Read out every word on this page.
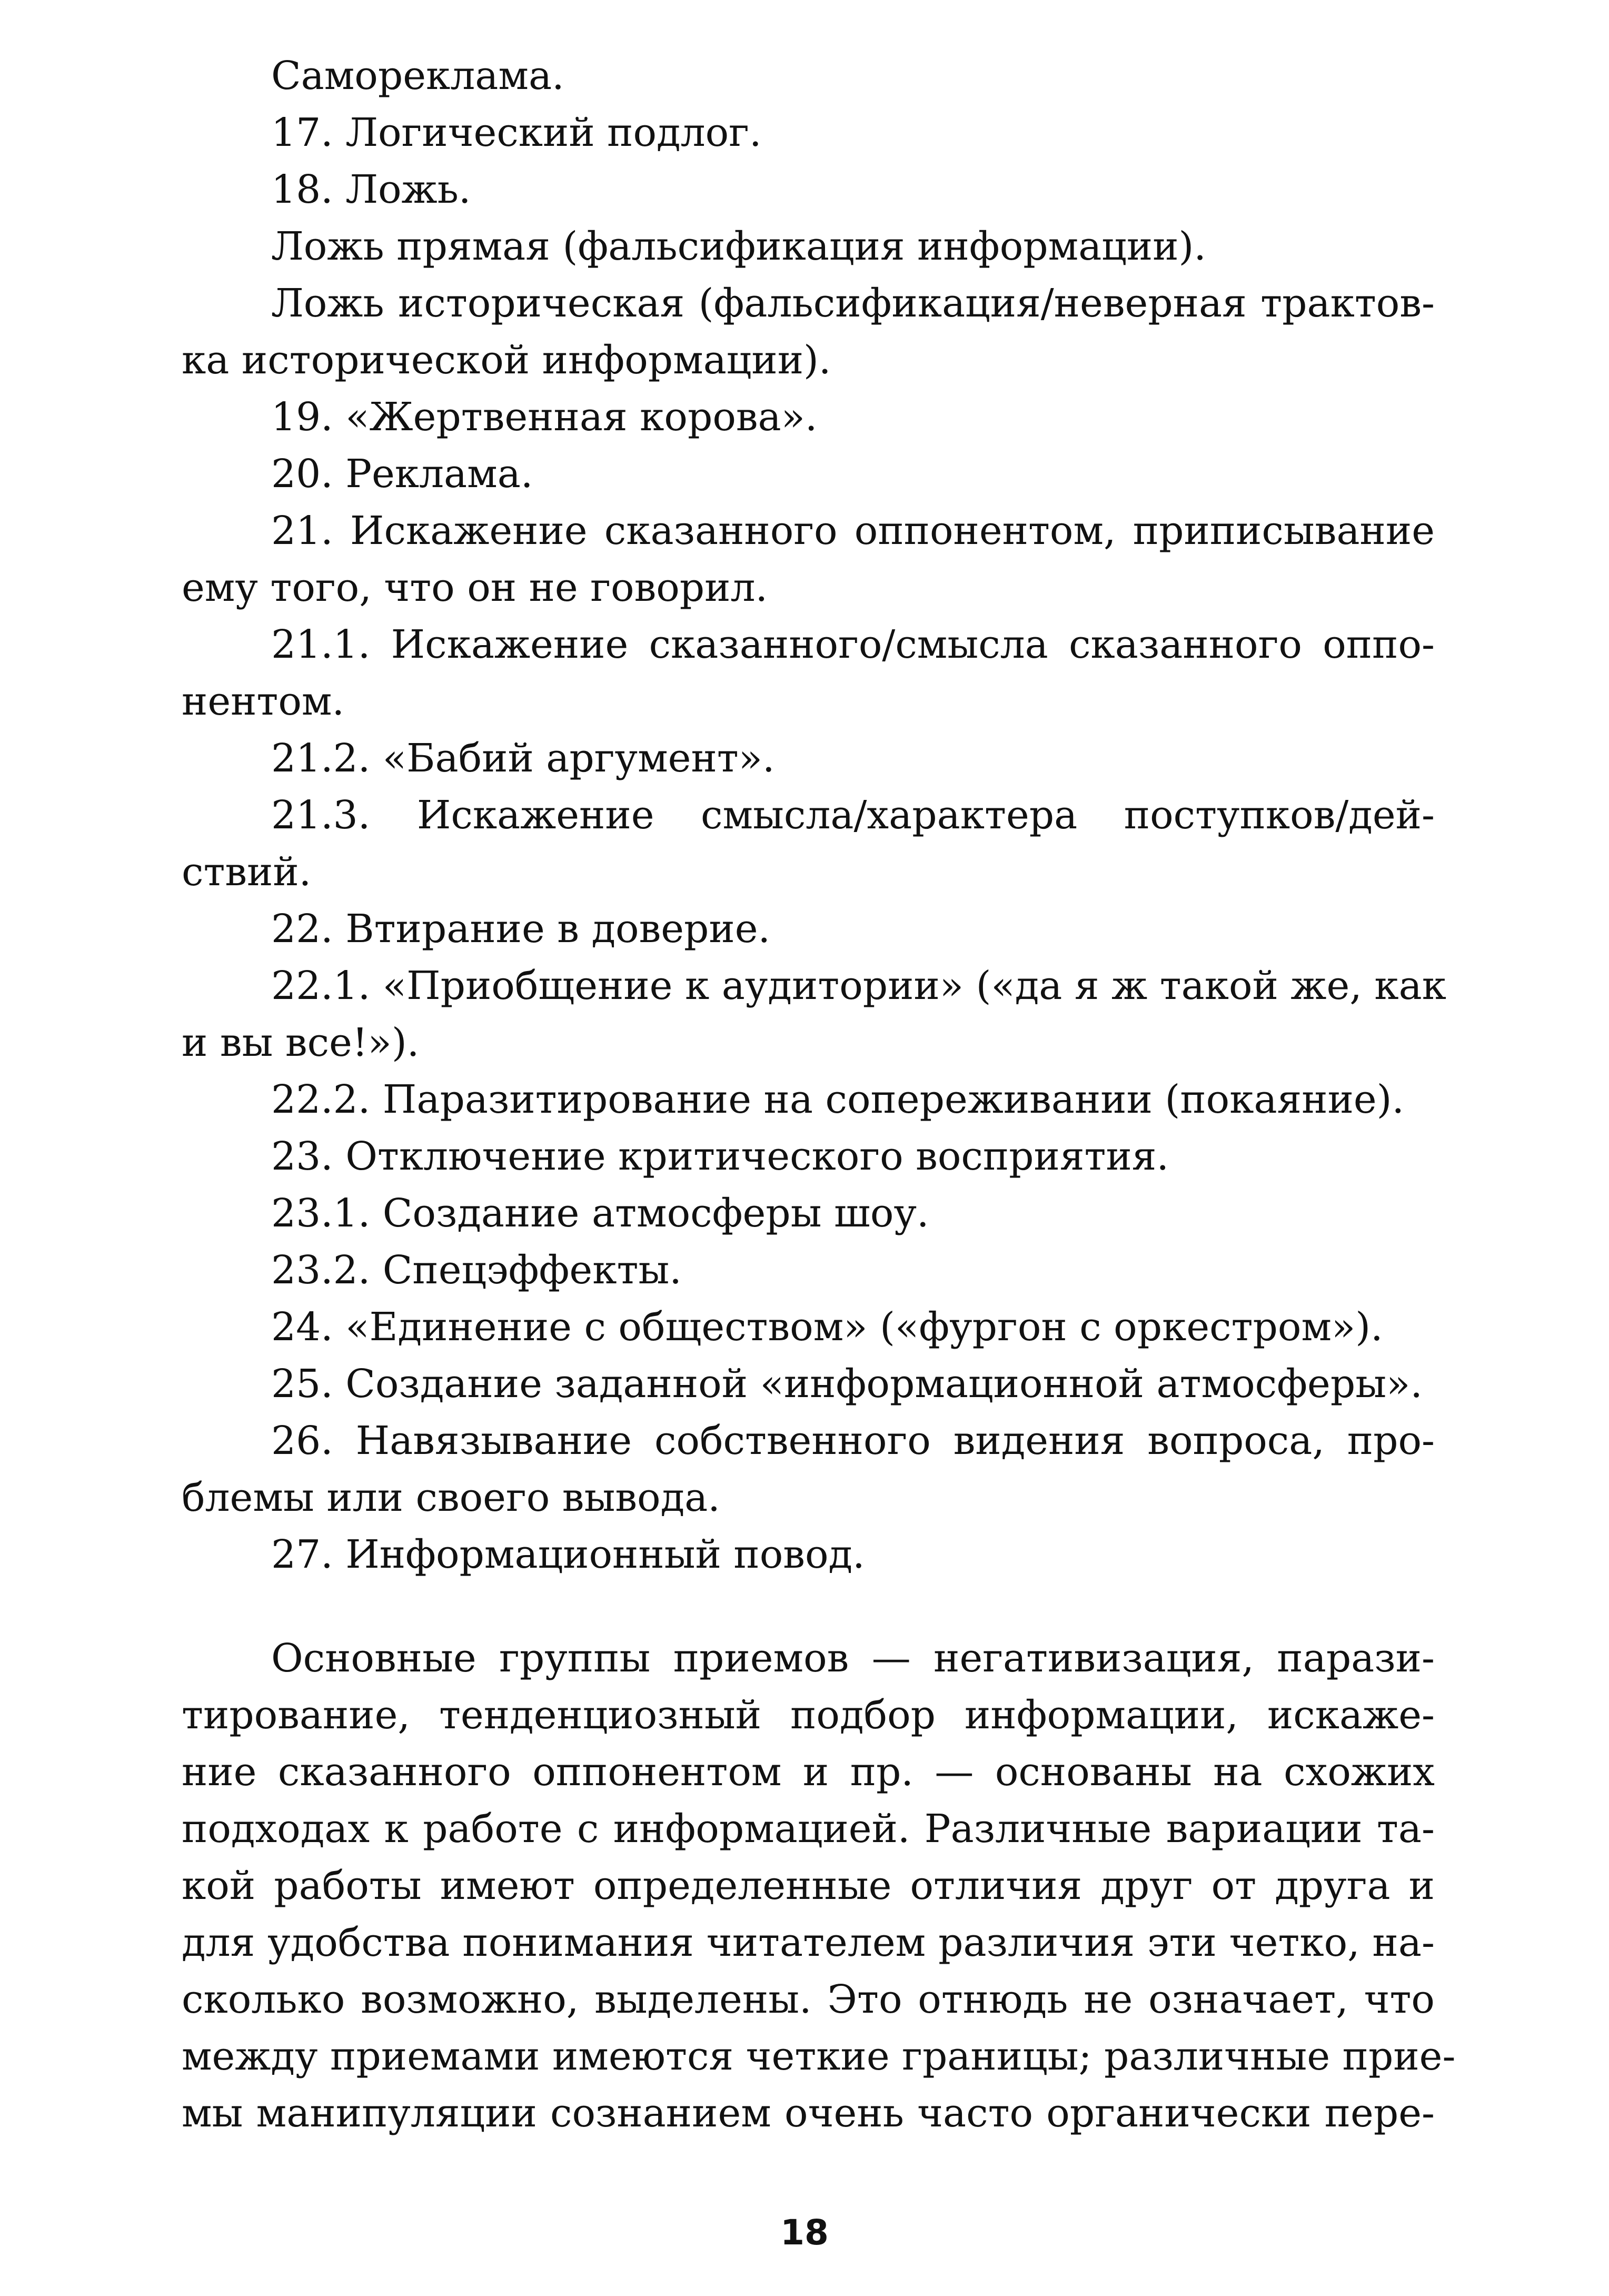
Самореклама.
17. Логический подлог.
18. Ложь.
Ложь прямая (фальсификация информации).
Ложь историческая (фальсификация/неверная трактов-
ка исторической информации).
19. «Жертвенная корова».
20. Реклама.
21. Искажение сказанного оппонентом, приписывание
ему того, что он не говорил.
21.1. Искажение сказанного/смысла сказанного оппо-
нентом.
21.2. «Бабий аргумент».
21.3. Искажение смысла/характера поступков/дей-
ствий.
22. Втирание в доверие.
22.1. «Приобщение к аудитории» («да я ж такой же, как
и вы все!»).
22.2. Паразитирование на сопереживании (покаяние).
23. Отключение критического восприятия.
23.1. Создание атмосферы шоу.
23.2. Спецэффекты.
24. «Единение с обществом» («фургон с оркестром»).
25. Создание заданной «информационной атмосферы».
26. Навязывание собственного видения вопроса, про-
блемы или своего вывода.
27. Информационный повод.
Основные группы приемов — негативизация, парази-
тирование, тенденциозный подбор информации, искаже-
ние сказанного оппонентом и пр. — основаны на схожих
подходах к работе с информацией. Различные вариации та-
кой работы имеют определенные отличия друг от друга и
для удобства понимания читателем различия эти четко, на-
сколько возможно, выделены. Это отнюдь не означает, что
между приемами имеются четкие границы; различные прие-
мы манипуляции сознанием очень часто органически пере-
18
